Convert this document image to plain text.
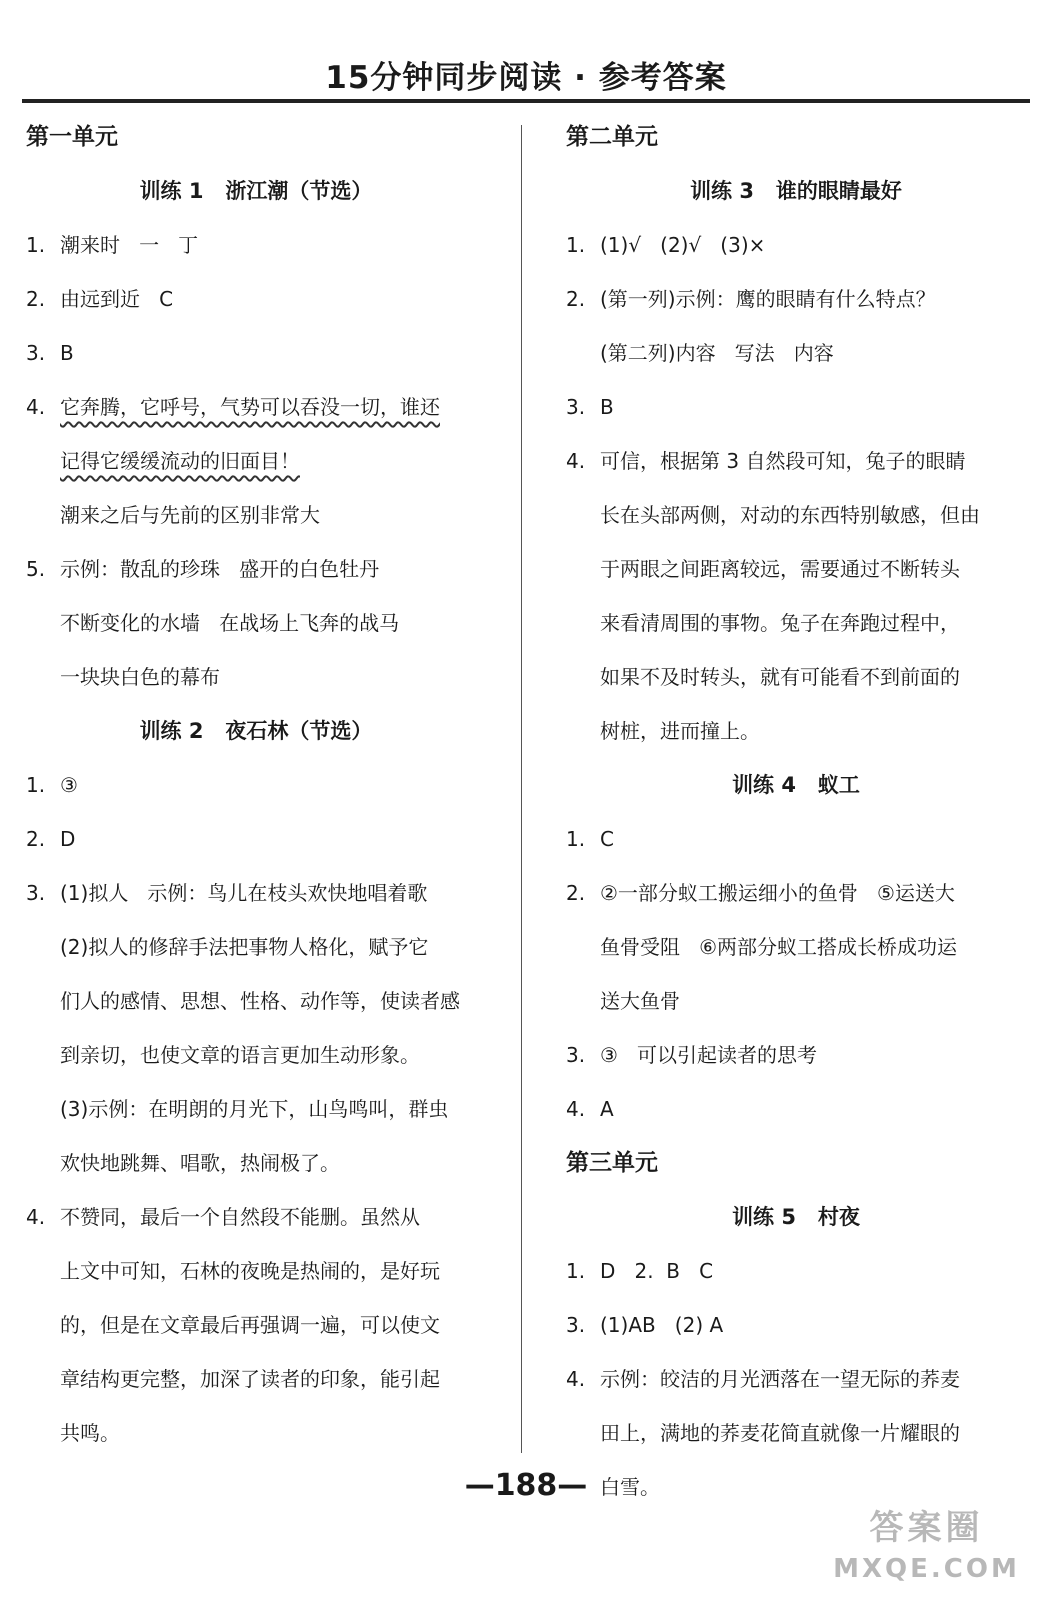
15分钟同步阅读 · 参考答案
第一单元
训练 1   浙江潮（节选）
1. 潮来时   一   丁
2. 由远到近   C
3. B
4. 它奔腾，它呼号，气势可以吞没一切，谁还
记得它缓缓流动的旧面目！
潮来之后与先前的区别非常大
5. 示例：散乱的珍珠   盛开的白色牡丹
不断变化的水墙   在战场上飞奔的战马
一块块白色的幕布
训练 2   夜石林（节选）
1. ③
2. D
3. (1)拟人   示例：鸟儿在枝头欢快地唱着歌
(2)拟人的修辞手法把事物人格化，赋予它
们人的感情、思想、性格、动作等，使读者感
到亲切，也使文章的语言更加生动形象。
(3)示例：在明朗的月光下，山鸟鸣叫，群虫
欢快地跳舞、唱歌，热闹极了。
4. 不赞同，最后一个自然段不能删。虽然从
上文中可知，石林的夜晚是热闹的，是好玩
的，但是在文章最后再强调一遍，可以使文
章结构更完整，加深了读者的印象，能引起
共鸣。
第二单元
训练 3   谁的眼睛最好
1. (1)√   (2)√   (3)×
2. (第一列)示例：鹰的眼睛有什么特点？
(第二列)内容   写法   内容
3. B
4. 可信，根据第 3 自然段可知，兔子的眼睛
长在头部两侧，对动的东西特别敏感，但由
于两眼之间距离较远，需要通过不断转头
来看清周围的事物。兔子在奔跑过程中，
如果不及时转头，就有可能看不到前面的
树桩，进而撞上。
训练 4   蚁工
1. C
2. ②一部分蚁工搬运细小的鱼骨   ⑤运送大
鱼骨受阻   ⑥两部分蚁工搭成长桥成功运
送大鱼骨
3. ③   可以引起读者的思考
4. A
第三单元
训练 5   村夜
1. D   2.  B   C
3. (1)AB   (2) A
4. 示例：皎洁的月光洒落在一望无际的荞麦
田上，满地的荞麦花简直就像一片耀眼的
白雪。
—188—
答案圈
MXQE.COM
